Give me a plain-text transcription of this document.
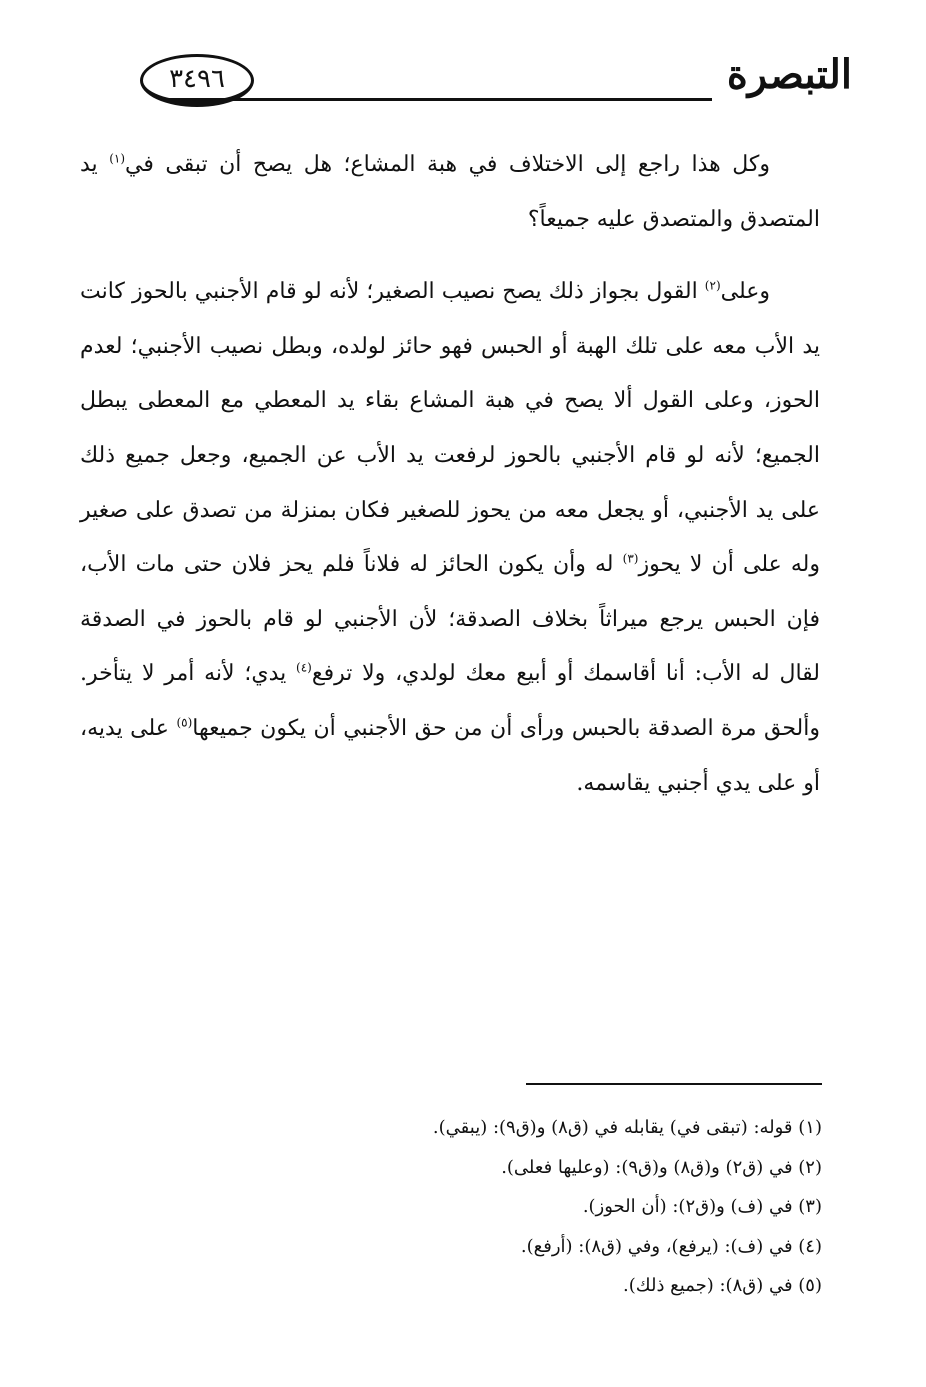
التبصرة
٣٤٩٦

وكل هذا راجع إلى الاختلاف في هبة المشاع؛ هل يصح أن تبقى في$^{(١)}$ يد المتصدق والمتصدق عليه جميعاً؟

وعلى$^{(٢)}$ القول بجواز ذلك يصح نصيب الصغير؛ لأنه لو قام الأجنبي بالحوز كانت يد الأب معه على تلك الهبة أو الحبس فهو حائز لولده، وبطل نصيب الأجنبي؛ لعدم الحوز، وعلى القول ألا يصح في هبة المشاع بقاء يد المعطي مع المعطى يبطل الجميع؛ لأنه لو قام الأجنبي بالحوز لرفعت يد الأب عن الجميع، وجعل جميع ذلك على يد الأجنبي، أو يجعل معه من يحوز للصغير فكان بمنزلة من تصدق على صغير وله على أن لا يحوز$^{(٣)}$ له وأن يكون الحائز له فلاناً فلم يحز فلان حتى مات الأب، فإن الحبس يرجع ميراثاً بخلاف الصدقة؛ لأن الأجنبي لو قام بالحوز في الصدقة لقال له الأب: أنا أقاسمك أو أبيع معك لولدي، ولا ترفع$^{(٤)}$ يدي؛ لأنه أمر لا يتأخر. وألحق مرة الصدقة بالحبس ورأى أن من حق الأجنبي أن يكون جميعها$^{(٥)}$ على يديه، أو على يدي أجنبي يقاسمه.

(١) قوله: (تبقى في) يقابله في (ق٨) و(ق٩): (يبقي).

(٢) في (ق٢) و(ق٨) و(ق٩): (وعليها فعلى).

(٣) في (ف) و(ق٢): (أن الحوز).

(٤) في (ف): (يرفع)، وفي (ق٨): (أرفع).

(٥) في (ق٨): (جميع ذلك).
